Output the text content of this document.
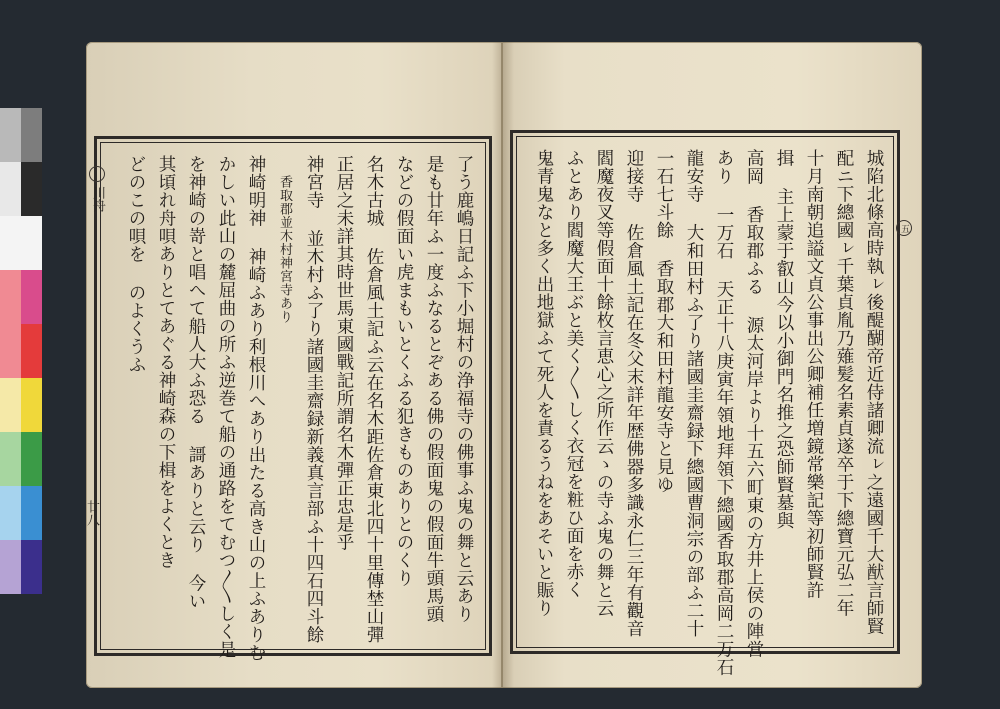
了う鹿嶋日記ふ下小堀村の浄福寺の佛事ふ鬼の舞と云あり
是も廿年ふ一度ふなるとぞある佛の假面鬼の假面牛頭馬頭
などの假面い虎まもいとくふる犯きものありとのくり
名木古城 佐倉風土記ふ云在名木距佐倉東北四十里傳埜山彈
正居之未詳其時世馬東國戰記所謂名木彈正忠是乎
神宮寺 並木村ふ了り諸國圭齋録新義真言部ふ十四石四斗餘
香取郡並木村神宮寺あり
神崎明神 神崎ふあり利根川へあり出たる高き山の上ふありむ
かしい此山の麓屈曲の所ふ逆巻て船の通路をてむつ〳〵しく是
を神崎の嵜と唱へて船人大ふ恐る 謌ありと云り 今い
其頃れ舟唄ありとてあぐる神崎森の下楫をよくとき
どのこの唄を のよくうふ
川舟
廿八	城陷北條高時執ㇾ後醍醐帝近侍諸卿流ㇾ之遠國千大猷言師賢
配ニ下總國ㇾ千葉貞胤乃薙髪名素貞遂卒于下總寶元弘二年
十月南朝追謚文貞公事出公卿補任増鏡常樂記等初師賢許
揖 主上蒙于叡山今以小御門名推之恐師賢墓與
高岡 香取郡ふる 源太河岸より十五六町東の方井上侯の陣営
あり 一万石 天正十八庚寅年領地拜領下總國香取郡高岡二万石
龍安寺 大和田村ふ了り諸國圭齋録下總國曹洞宗の部ふ二十
一石七斗餘 香取郡大和田村龍安寺と見ゆ
迎接寺 佐倉風土記在冬父末詳年歴佛器多識永仁三年有觀音
閻魔夜叉等假面十餘枚言恵心之所作云ゝの寺ふ鬼の舞と云
ふとあり閻魔大王ぶと美く〳〵しく衣冠を粧ひ面を赤く
鬼青鬼なと多く出地獄ふて死人を責るうねをあそいと賑り	五
